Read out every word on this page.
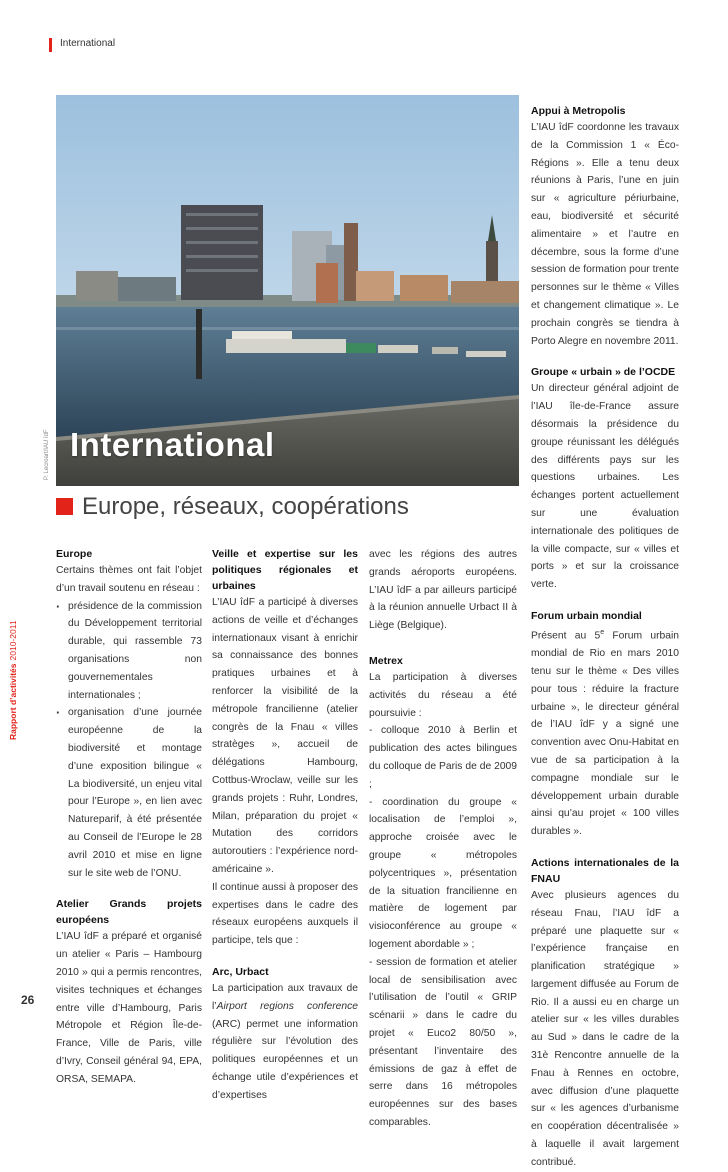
International
Rapport d’activités2010-2011
P. Lecroart/IAU îdF International
Europe, réseaux, coopérations
Europe

Certains thèmes ont fait l’objet d’un travail soutenu en réseau :

· présidence de la commission du Développement territorial durable, qui rassemble 73 organisations non gouvernementales internationales ;
· organisation d’une journée européenne de la biodiversité et montage d’une exposition bilingue « La biodiversité, un enjeu vital pour l’Europe », en lien avec Natureparif, à été présentée au Conseil de l’Europe le 28 avril 2010 et mise en ligne sur le site web de l’ONU.
Atelier Grands projets européens

L’IAU îdF a préparé et organisé un atelier « Paris – Hambourg 2010 » qui a permis rencontres, visites techniques et échanges entre ville d’Hambourg, Paris Métropole et Région Île-de-France, Ville de Paris, ville d’Ivry, Conseil général 94, EPA, ORSA, SEMAPA.

Veille et expertise sur les politiques régionales et urbaines

L’IAU îdF a participé à diverses actions de veille et d’échanges internationaux visant à enrichir sa connaissance des bonnes pratiques urbaines et à renforcer la visibilité de la métropole francilienne (atelier congrès de la Fnau « villes stratèges », accueil de délégations Hambourg, Cottbus-Wroclaw, veille sur les grands projets : Ruhr, Londres, Milan, préparation du projet « Mutation des corridors autoroutiers : l’expérience nord-américaine ».

Il continue aussi à proposer des expertises dans le cadre des réseaux européens auxquels il participe, tels que :

Arc, Urbact

La participation aux travaux de l’Airport regions conference (ARC) permet une information régulière sur l’évolution des politiques européennes et un échange utile d’expériences et d’expertises

avec les régions des autres grands aéroports européens. L’IAU îdF a par ailleurs participé à la réunion annuelle Urbact II à Liège (Belgique).

Metrex

La participation à diverses activités du réseau a été poursuivie :

- colloque 2010 à Berlin et publication des actes bilingues du colloque de Paris de de 2009 ;

- coordination du groupe « localisation de l’emploi », approche croisée avec le groupe « métropoles polycentriques », présentation de la situation francilienne en matière de logement par visioconférence au groupe « logement abordable » ;

- session de formation et atelier local de sensibilisation avec l’utilisation de l’outil « GRIP scénarii » dans le cadre du projet « Euco2 80/50 », présentant l’inventaire des émissions de gaz à effet de serre dans 16 métropoles européennes sur des bases comparables.

Appui à Metropolis

L’IAU îdF coordonne les travaux de la Commission 1 « Éco-Régions ». Elle a tenu deux réunions à Paris, l’une en juin sur « agriculture périurbaine, eau, biodiversité et sécurité alimentaire » et l’autre en décembre, sous la forme d’une session de formation pour trente personnes sur le thème « Villes et changement climatique ». Le prochain congrès se tiendra à Porto Alegre en novembre 2011.

Groupe « urbain » de l’OCDE

Un directeur général adjoint de l’IAU île-de-France assure désormais la présidence du groupe réunissant les délégués des différents pays sur les questions urbaines. Les échanges portent actuellement sur une évaluation internationale des politiques de la ville compacte, sur « villes et ports » et sur la croissance verte.

Forum urbain mondial

Présent au 5e Forum urbain mondial de Rio en mars 2010 tenu sur le thème « Des villes pour tous : réduire la fracture urbaine », le directeur général de l’IAU îdF y a signé une convention avec Onu-Habitat en vue de sa participation à la compagne mondiale sur le développement urbain durable ainsi qu’au projet « 100 villes durables ».

Actions internationales de la FNAU

Avec plusieurs agences du réseau Fnau, l’IAU îdF a préparé une plaquette sur « l’expérience française en planification stratégique » largement diffusée au Forum de Rio. Il a aussi eu en charge un atelier sur « les villes durables au Sud » dans le cadre de la 31è Rencontre annuelle de la Fnau à Rennes en octobre, avec diffusion d’une plaquette sur « les agences d’urbanisme en coopération décentralisée » à laquelle il avait largement contribué.

26
